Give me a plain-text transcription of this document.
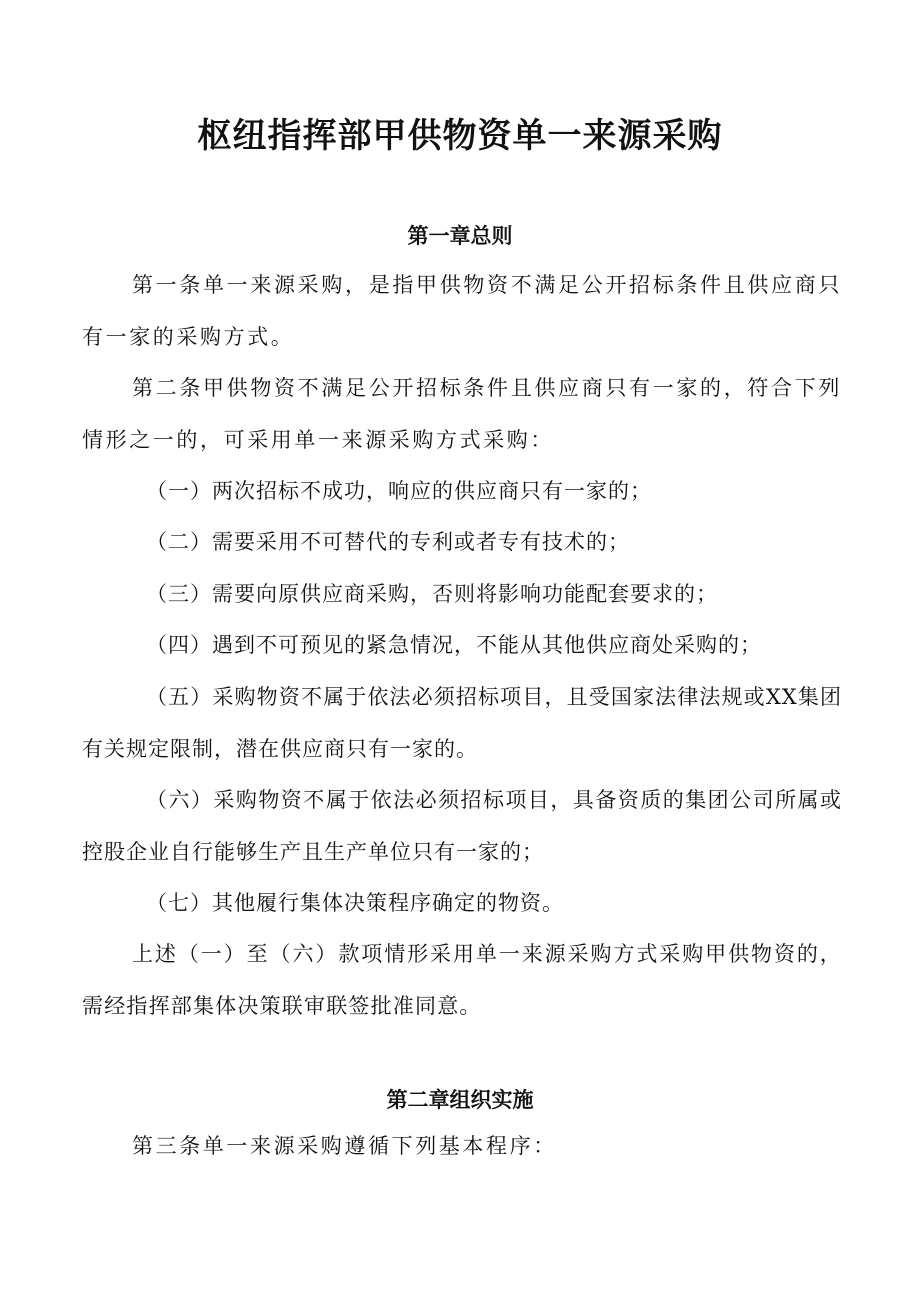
枢纽指挥部甲供物资单一来源采购
第一章总则

第一条单一来源采购，是指甲供物资不满足公开招标条件且供应商只有一家的采购方式。

第二条甲供物资不满足公开招标条件且供应商只有一家的，符合下列情形之一的，可采用单一来源采购方式采购：

（一）两次招标不成功，响应的供应商只有一家的；

（二）需要采用不可替代的专利或者专有技术的；

（三）需要向原供应商采购，否则将影响功能配套要求的；

（四）遇到不可预见的紧急情况，不能从其他供应商处采购的；

（五）采购物资不属于依法必须招标项目，且受国家法律法规或XX集团有关规定限制，潜在供应商只有一家的。

（六）采购物资不属于依法必须招标项目，具备资质的集团公司所属或控股企业自行能够生产且生产单位只有一家的；

（七）其他履行集体决策程序确定的物资。

上述（一）至（六）款项情形采用单一来源采购方式采购甲供物资的，需经指挥部集体决策联审联签批准同意。

第二章组织实施

第三条单一来源采购遵循下列基本程序：
